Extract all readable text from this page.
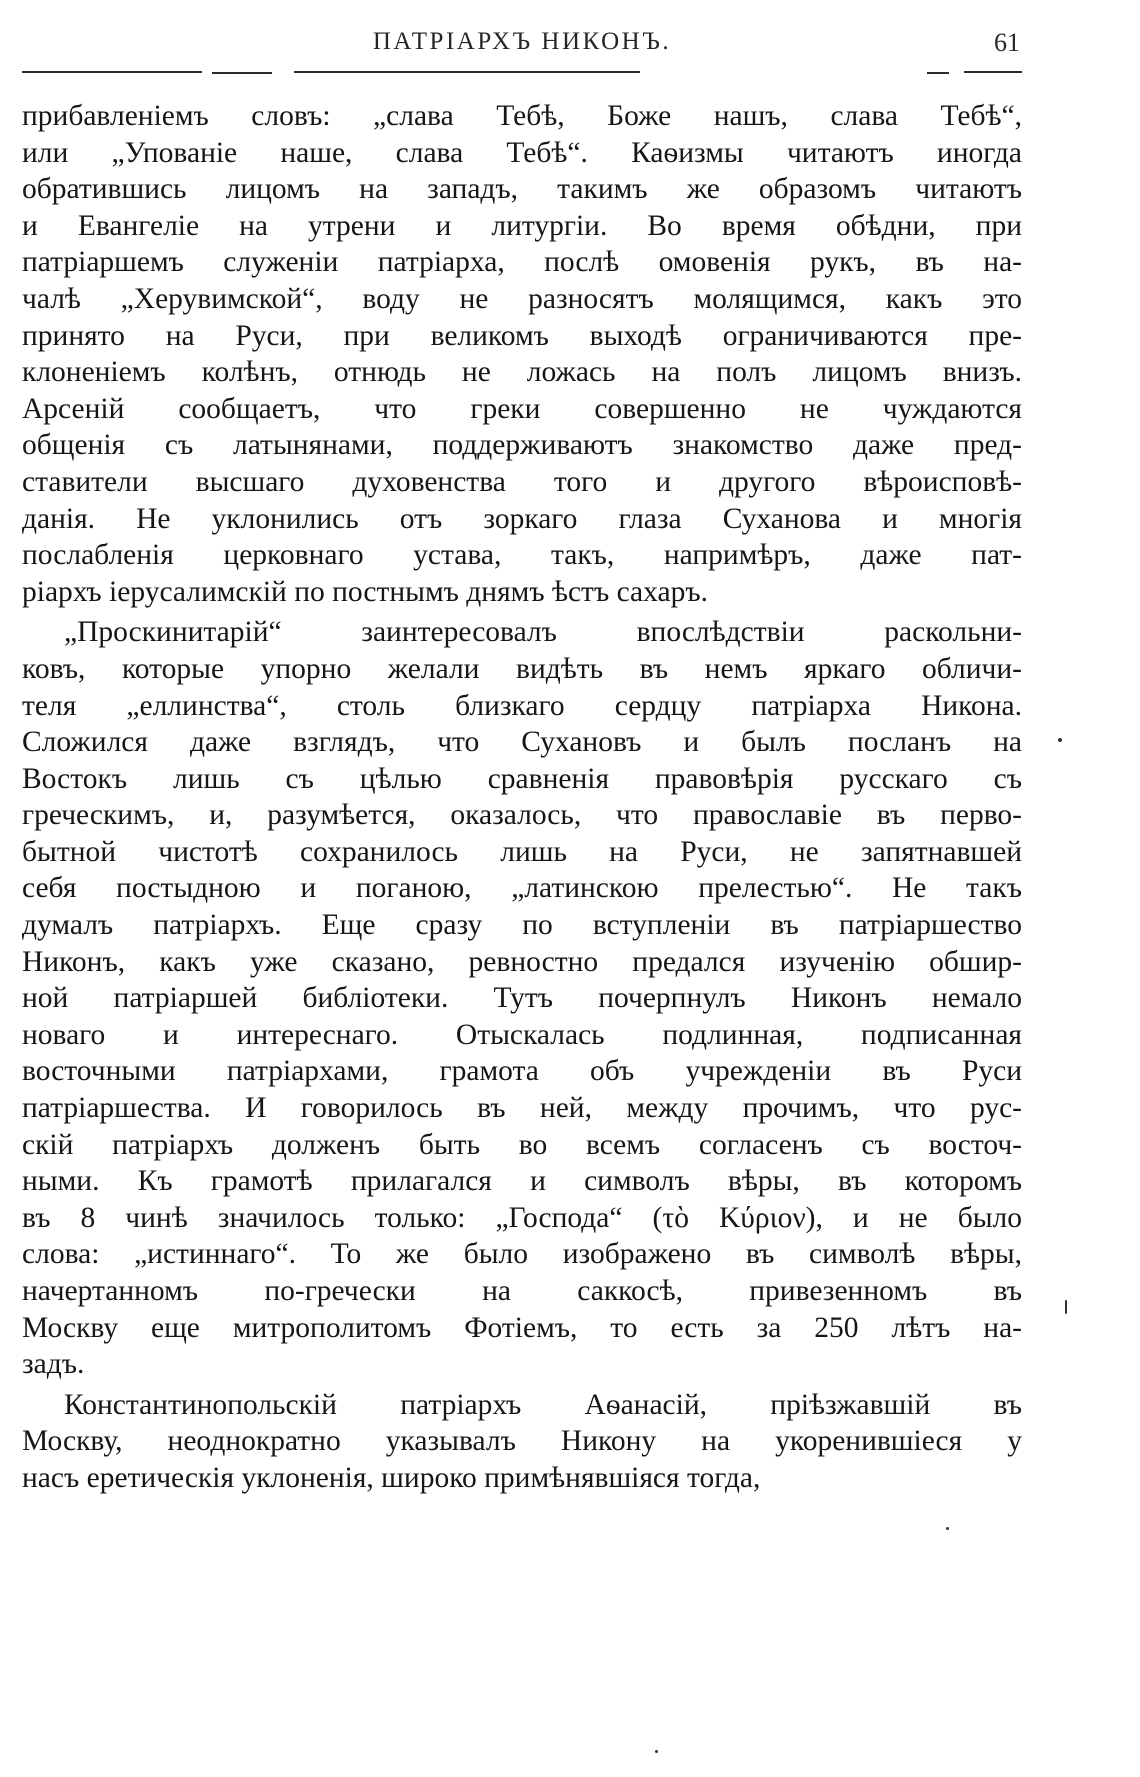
ПАТРІАРХЪ НИКОНЪ.	61
прибавленіемъ словъ: „слава Тебѣ, Боже нашъ, слава Тебѣ“,
или „Упованіе наше, слава Тебѣ“. Каѳизмы читаютъ иногда
обратившись лицомъ на западъ, такимъ же образомъ читаютъ
и Евангеліе на утрени и литургіи. Во время обѣдни, при
патріаршемъ служеніи патріарха, послѣ омовенія рукъ, въ на-
чалѣ „Херувимской“, воду не разносятъ молящимся, какъ это
принято на Руси, при великомъ выходѣ ограничиваются пре-
клоненіемъ колѣнъ, отнюдь не ложась на полъ лицомъ внизъ.
Арсеній сообщаетъ, что греки совершенно не чуждаются
общенія съ латынянами, поддерживаютъ знакомство даже пред-
ставители высшаго духовенства того и другого вѣроисповѣ-
данія. Не уклонились отъ зоркаго глаза Суханова и многія
послабленія церковнаго устава, такъ, напримѣръ, даже пат-
ріархъ іерусалимскій по постнымъ днямъ ѣстъ сахаръ.
„Проскинитарій“ заинтересовалъ впослѣдствіи раскольни-
ковъ, которые упорно желали видѣть въ немъ яркаго обличи-
теля „еллинства“, столь близкаго сердцу патріарха Никона.
Сложился даже взглядъ, что Сухановъ и былъ посланъ на
Востокъ лишь съ цѣлью сравненія правовѣрія русскаго съ
греческимъ, и, разумѣется, оказалось, что православіе въ перво-
бытной чистотѣ сохранилось лишь на Руси, не запятнавшей
себя постыдною и поганою, „латинскою прелестью“. Не такъ
думалъ патріархъ. Еще сразу по вступленіи въ патріаршество
Никонъ, какъ уже сказано, ревностно предался изученію обшир-
ной патріаршей библіотеки. Тутъ почерпнулъ Никонъ немало
новаго и интереснаго. Отыскалась подлинная, подписанная
восточными патріархами, грамота объ учрежденіи въ Руси
патріаршества. И говорилось въ ней, между прочимъ, что рус-
скій патріархъ долженъ быть во всемъ согласенъ съ восточ-
ными. Къ грамотѣ прилагался и символъ вѣры, въ которомъ
въ 8 чинѣ значилось только: „Господа“ (τὸ Κύριον), и не было
слова: „истиннаго“. То же было изображено въ символѣ вѣры,
начертанномъ по-гречески на саккосѣ, привезенномъ въ
Москву еще митрополитомъ Фотіемъ, то есть за 250 лѣтъ на-
задъ.
Константинопольскій патріархъ Аѳанасій, пріѣзжавшій въ
Москву, неоднократно указывалъ Никону на укоренившіеся у
насъ еретическія уклоненія, широко примѣнявшіяся тогда,
